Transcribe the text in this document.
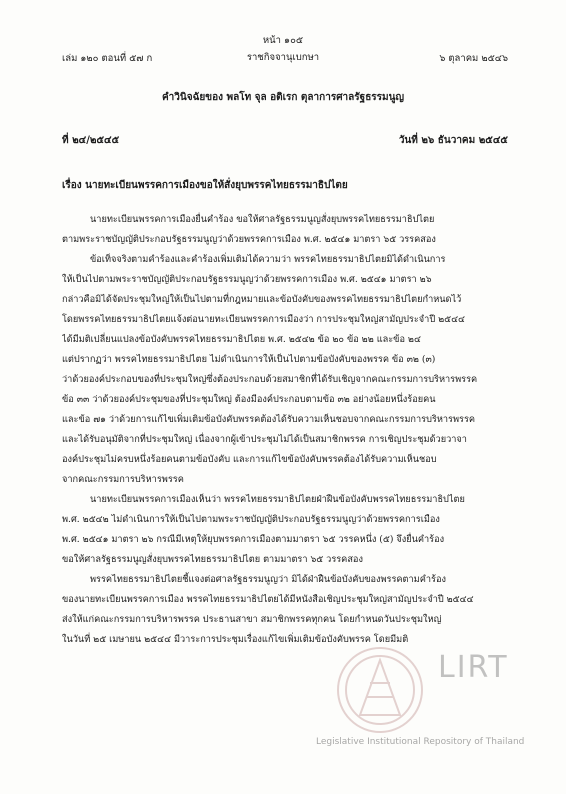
หน้า ๑๐๕
เล่ม ๑๒๐ ตอนที่ ๕๗ ก	ราชกิจจานุเบกษา	๖ ตุลาคม ๒๕๔๖
คำวินิจฉัยของ พลโท จุล อติเรก ตุลาการศาลรัฐธรรมนูญ
ที่ ๒๔/๒๕๔๕	วันที่ ๒๖ ธันวาคม ๒๕๔๕
เรื่อง นายทะเบียนพรรคการเมืองขอให้สั่งยุบพรรคไทยธรรมาธิปไตย
นายทะเบียนพรรคการเมืองยื่นคำร้อง ขอให้ศาลรัฐธรรมนูญสั่งยุบพรรคไทยธรรมาธิปไตย
ตามพระราชบัญญัติประกอบรัฐธรรมนูญว่าด้วยพรรคการเมือง พ.ศ. ๒๕๔๑ มาตรา ๖๕ วรรคสอง
ข้อเท็จจริงตามคำร้องและคำร้องเพิ่มเติมได้ความว่า พรรคไทยธรรมาธิปไตยมิได้ดำเนินการ
ให้เป็นไปตามพระราชบัญญัติประกอบรัฐธรรมนูญว่าด้วยพรรคการเมือง พ.ศ. ๒๕๔๑ มาตรา ๒๖
กล่าวคือมิได้จัดประชุมใหญ่ให้เป็นไปตามที่กฎหมายและข้อบังคับของพรรคไทยธรรมาธิปไตยกำหนดไว้
โดยพรรคไทยธรรมาธิปไตยแจ้งต่อนายทะเบียนพรรคการเมืองว่า การประชุมใหญ่สามัญประจำปี ๒๕๔๔
ได้มีมติเปลี่ยนแปลงข้อบังคับพรรคไทยธรรมาธิปไตย พ.ศ. ๒๕๔๒ ข้อ ๒๐ ข้อ ๒๒ และข้อ ๒๔
แต่ปรากฏว่า พรรคไทยธรรมาธิปไตย ไม่ดำเนินการให้เป็นไปตามข้อบังคับของพรรค ข้อ ๓๒ (๓)
ว่าด้วยองค์ประกอบของที่ประชุมใหญ่ซึ่งต้องประกอบด้วยสมาชิกที่ได้รับเชิญจากคณะกรรมการบริหารพรรค
ข้อ ๓๓ ว่าด้วยองค์ประชุมของที่ประชุมใหญ่ ต้องมีองค์ประกอบตามข้อ ๓๒ อย่างน้อยหนึ่งร้อยคน
และข้อ ๗๑ ว่าด้วยการแก้ไขเพิ่มเติมข้อบังคับพรรคต้องได้รับความเห็นชอบจากคณะกรรมการบริหารพรรค
และได้รับอนุมัติจากที่ประชุมใหญ่ เนื่องจากผู้เข้าประชุมไม่ได้เป็นสมาชิกพรรค การเชิญประชุมด้วยวาจา
องค์ประชุมไม่ครบหนึ่งร้อยคนตามข้อบังคับ และการแก้ไขข้อบังคับพรรคต้องได้รับความเห็นชอบ
จากคณะกรรมการบริหารพรรค
นายทะเบียนพรรคการเมืองเห็นว่า พรรคไทยธรรมาธิปไตยฝ่าฝืนข้อบังคับพรรคไทยธรรมาธิปไตย
พ.ศ. ๒๕๔๒ ไม่ดำเนินการให้เป็นไปตามพระราชบัญญัติประกอบรัฐธรรมนูญว่าด้วยพรรคการเมือง
พ.ศ. ๒๕๔๑ มาตรา ๒๖ กรณีมีเหตุให้ยุบพรรคการเมืองตามมาตรา ๖๕ วรรคหนึ่ง (๕) จึงยื่นคำร้อง
ขอให้ศาลรัฐธรรมนูญสั่งยุบพรรคไทยธรรมาธิปไตย ตามมาตรา ๖๕ วรรคสอง
พรรคไทยธรรมาธิปไตยชี้แจงต่อศาลรัฐธรรมนูญว่า มิได้ฝ่าฝืนข้อบังคับของพรรคตามคำร้อง
ของนายทะเบียนพรรคการเมือง พรรคไทยธรรมาธิปไตยได้มีหนังสือเชิญประชุมใหญ่สามัญประจำปี ๒๕๔๔
ส่งให้แก่คณะกรรมการบริหารพรรค ประธานสาขา สมาชิกพรรคทุกคน โดยกำหนดวันประชุมใหญ่
ในวันที่ ๒๕ เมษายน ๒๕๔๔ มีวาระการประชุมเรื่องแก้ไขเพิ่มเติมข้อบังคับพรรค โดยมีมติ
LIRT
Legislative Institutional Repository of Thailand
